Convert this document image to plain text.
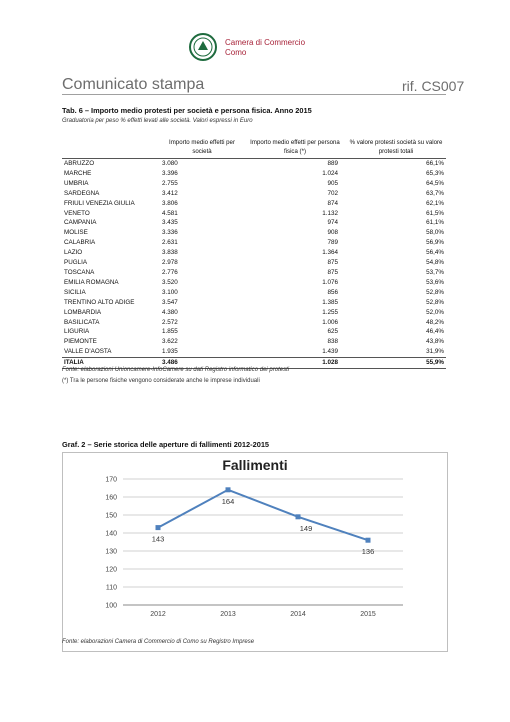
Camera di Commercio
Como
Comunicato stampa	rif. CS007
Tab. 6 – Importo medio protesti per società e persona fisica. Anno 2015
Graduatoria per peso % effetti levati alle società. Valori espressi in Euro
	Importo medio effetti per società	Importo medio effetti per persona fisica (*)	% valore protesti società su valore protesti totali
ABRUZZO	3.080	889	66,1%
MARCHE	3.396	1.024	65,3%
UMBRIA	2.755	905	64,5%
SARDEGNA	3.412	702	63,7%
FRIULI VENEZIA GIULIA	3.806	874	62,1%
VENETO	4.581	1.132	61,5%
CAMPANIA	3.435	974	61,1%
MOLISE	3.336	908	58,0%
CALABRIA	2.631	789	56,9%
LAZIO	3.838	1.364	56,4%
PUGLIA	2.978	875	54,8%
TOSCANA	2.776	875	53,7%
EMILIA ROMAGNA	3.520	1.076	53,6%
SICILIA	3.100	856	52,8%
TRENTINO ALTO ADIGE	3.547	1.385	52,8%
LOMBARDIA	4.380	1.255	52,0%
BASILICATA	2.572	1.006	48,2%
LIGURIA	1.855	625	46,4%
PIEMONTE	3.622	838	43,8%
VALLE D'AOSTA	1.935	1.439	31,9%
ITALIA	3.486	1.028	55,9%
Fonte: elaborazioni Unioncamere-InfoCamere su dati Registro informatico dei protesti
(*) Tra le persone fisiche vengono considerate anche le imprese individuali
Graf. 2 – Serie storica delle aperture di fallimenti 2012-2015
Fallimenti
100
110
120
130
140
150
160
170
2012	2013	2014	2015
143
164
149
136
Fonte: elaborazioni Camera di Commercio di Como su Registro Imprese
